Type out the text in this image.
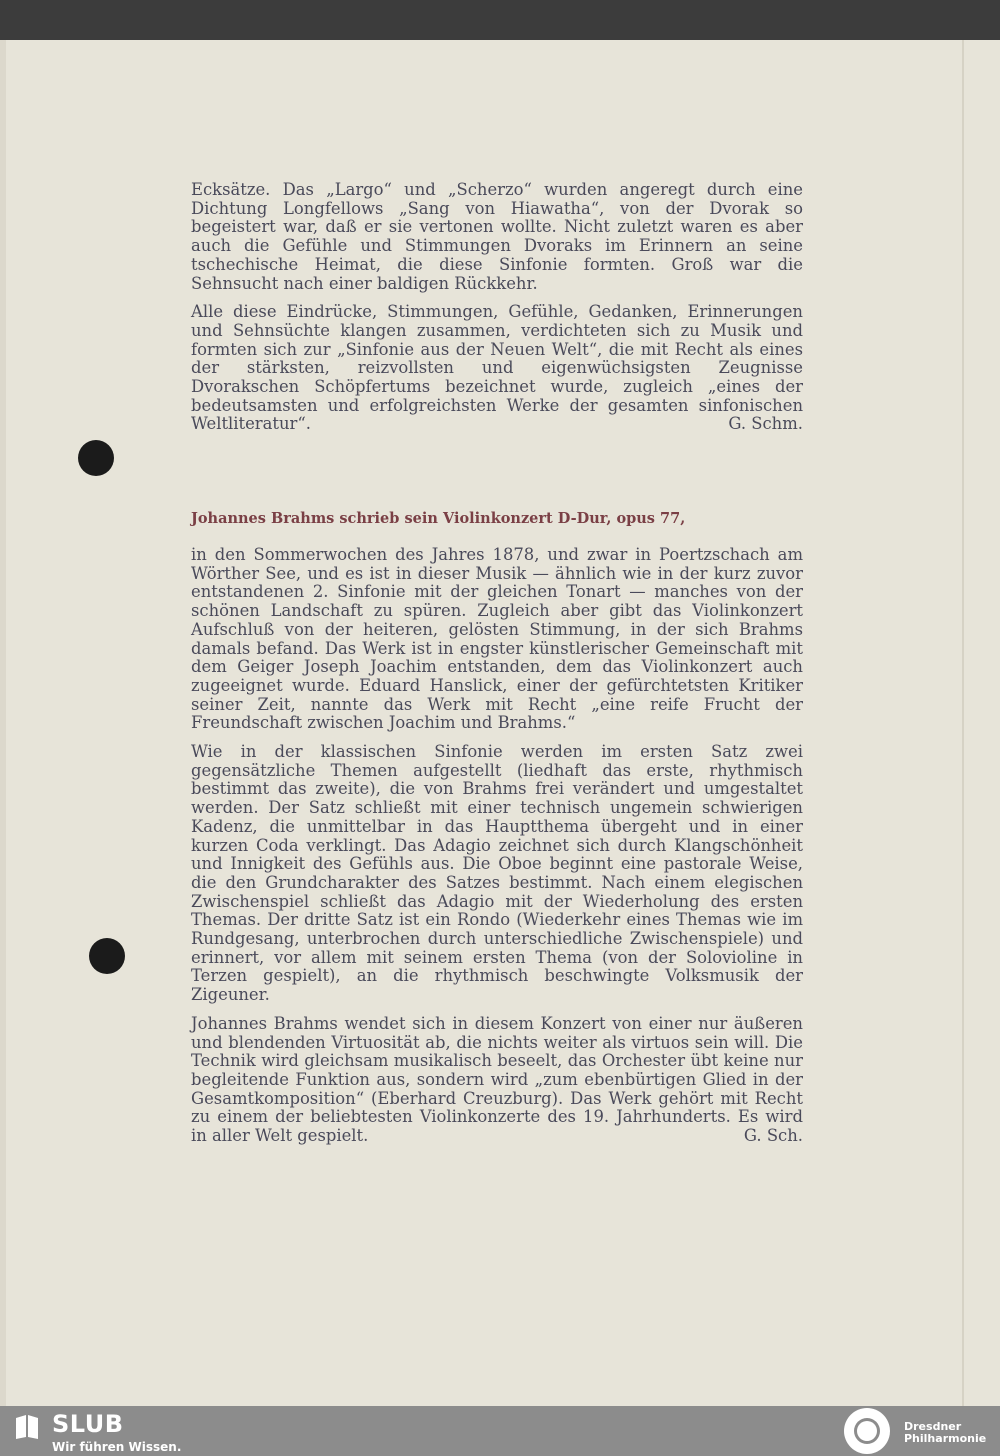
Ecksätze. Das „Largo“ und „Scherzo“ wurden angeregt durch eine Dichtung Longfellows „Sang von Hiawatha“, von der Dvorak so begeistert war, daß er sie vertonen wollte. Nicht zuletzt waren es aber auch die Gefühle und Stimmungen Dvoraks im Erinnern an seine tschechische Heimat, die diese Sinfonie formten. Groß war die Sehnsucht nach einer baldigen Rückkehr.

Alle diese Eindrücke, Stimmungen, Gefühle, Gedanken, Erinnerungen und Sehnsüchte klangen zusammen, verdichteten sich zu Musik und formten sich zur „Sinfonie aus der Neuen Welt“, die mit Recht als eines der stärksten, reizvollsten und eigenwüchsigsten Zeugnisse Dvorakschen Schöpfertums bezeichnet wurde, zugleich „eines der bedeutsamsten und erfolgreichsten Werke der gesamten sinfonischen Weltliteratur“.	G. Schm.

Johannes Brahms schrieb sein Violinkonzert D-Dur, opus 77,

in den Sommerwochen des Jahres 1878, und zwar in Poertzschach am Wörther See, und es ist in dieser Musik — ähnlich wie in der kurz zuvor entstandenen 2. Sinfonie mit der gleichen Tonart — manches von der schönen Landschaft zu spüren. Zugleich aber gibt das Violinkonzert Aufschluß von der heiteren, gelösten Stimmung, in der sich Brahms damals befand. Das Werk ist in engster künstlerischer Gemeinschaft mit dem Geiger Joseph Joachim entstanden, dem das Violinkonzert auch zugeeignet wurde. Eduard Hanslick, einer der gefürchtetsten Kritiker seiner Zeit, nannte das Werk mit Recht „eine reife Frucht der Freundschaft zwischen Joachim und Brahms.“

Wie in der klassischen Sinfonie werden im ersten Satz zwei gegensätzliche Themen aufgestellt (liedhaft das erste, rhythmisch bestimmt das zweite), die von Brahms frei verändert und umgestaltet werden. Der Satz schließt mit einer technisch ungemein schwierigen Kadenz, die unmittelbar in das Hauptthema übergeht und in einer kurzen Coda verklingt. Das Adagio zeichnet sich durch Klangschönheit und Innigkeit des Gefühls aus. Die Oboe beginnt eine pastorale Weise, die den Grundcharakter des Satzes bestimmt. Nach einem elegischen Zwischenspiel schließt das Adagio mit der Wiederholung des ersten Themas. Der dritte Satz ist ein Rondo (Wiederkehr eines Themas wie im Rundgesang, unterbrochen durch unterschiedliche Zwischenspiele) und erinnert, vor allem mit seinem ersten Thema (von der Solovioline in Terzen gespielt), an die rhythmisch beschwingte Volksmusik der Zigeuner.

Johannes Brahms wendet sich in diesem Konzert von einer nur äußeren und blendenden Virtuosität ab, die nichts weiter als virtuos sein will. Die Technik wird gleichsam musikalisch beseelt, das Orchester übt keine nur begleitende Funktion aus, sondern wird „zum ebenbürtigen Glied in der Gesamtkomposition“ (Eberhard Creuzburg). Das Werk gehört mit Recht zu einem der beliebtesten Violinkonzerte des 19. Jahrhunderts. Es wird in aller Welt gespielt.	G. Sch.

SLUB
Wir führen Wissen.
Dresdner
Philharmonie
